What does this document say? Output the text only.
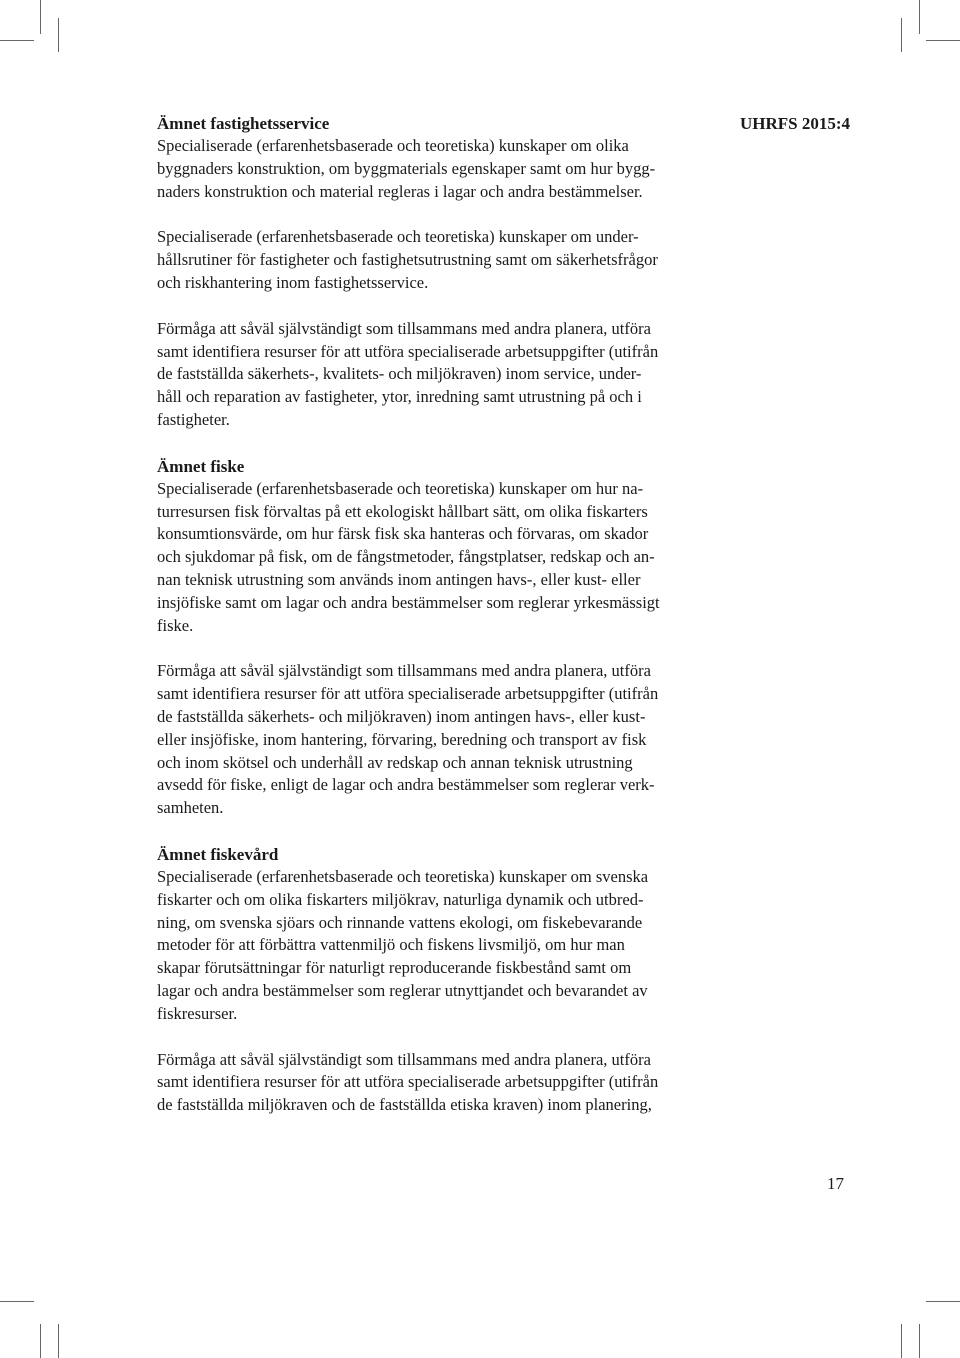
UHRFS 2015:4
Ämnet fastighetsservice

Specialiserade (erfarenhetsbaserade och teoretiska) kunskaper om olika
byggnaders konstruktion, om byggmaterials egenskaper samt om hur bygg-
naders konstruktion och material regleras i lagar och andra bestämmelser.

Specialiserade (erfarenhetsbaserade och teoretiska) kunskaper om under-
hållsrutiner för fastigheter och fastighetsutrustning samt om säkerhetsfrågor
och riskhantering inom fastighetsservice.

Förmåga att såväl självständigt som tillsammans med andra planera, utföra
samt identifiera resurser för att utföra specialiserade arbetsuppgifter (utifrån
de fastställda säkerhets-, kvalitets- och miljökraven) inom service, under-
håll och reparation av fastigheter, ytor, inredning samt utrustning på och i
fastigheter.

Ämnet fiske

Specialiserade (erfarenhetsbaserade och teoretiska) kunskaper om hur na-
turresursen fisk förvaltas på ett ekologiskt hållbart sätt, om olika fiskarters
konsumtionsvärde, om hur färsk fisk ska hanteras och förvaras, om skador
och sjukdomar på fisk, om de fångstmetoder, fångstplatser, redskap och an-
nan teknisk utrustning som används inom antingen havs-, eller kust- eller
insjöfiske samt om lagar och andra bestämmelser som reglerar yrkesmässigt
fiske.

Förmåga att såväl självständigt som tillsammans med andra planera, utföra
samt identifiera resurser för att utföra specialiserade arbetsuppgifter (utifrån
de fastställda säkerhets- och miljökraven) inom antingen havs-, eller kust-
eller insjöfiske, inom hantering, förvaring, beredning och transport av fisk
och inom skötsel och underhåll av redskap och annan teknisk utrustning
avsedd för fiske, enligt de lagar och andra bestämmelser som reglerar verk-
samheten.

Ämnet fiskevård

Specialiserade (erfarenhetsbaserade och teoretiska) kunskaper om svenska
fiskarter och om olika fiskarters miljökrav, naturliga dynamik och utbred-
ning, om svenska sjöars och rinnande vattens ekologi, om fiskebevarande
metoder för att förbättra vattenmiljö och fiskens livsmiljö, om hur man
skapar förutsättningar för naturligt reproducerande fiskbestånd samt om
lagar och andra bestämmelser som reglerar utnyttjandet och bevarandet av
fiskresurser.

Förmåga att såväl självständigt som tillsammans med andra planera, utföra
samt identifiera resurser för att utföra specialiserade arbetsuppgifter (utifrån
de fastställda miljökraven och de fastställda etiska kraven) inom planering,

17
